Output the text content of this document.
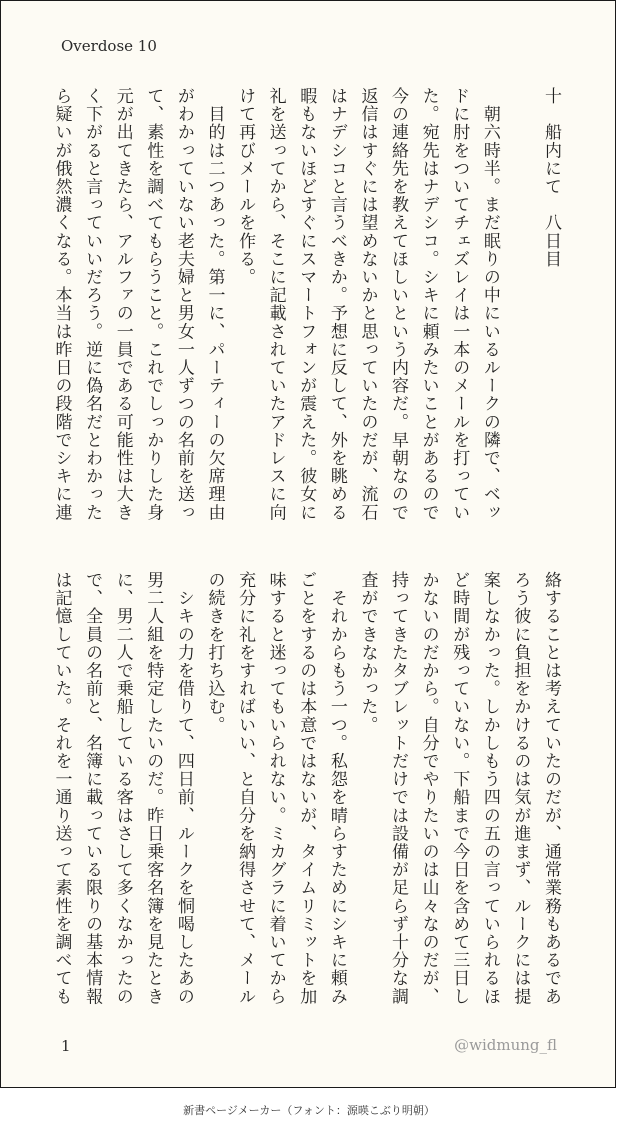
Overdose 10
十　船内にて　八日目

　朝六時半。まだ眠りの中にいるルークの隣で、ベッ
ドに肘をついてチェズレイは一本のメールを打ってい
た。宛先はナデシコ。シキに頼みたいことがあるので
今の連絡先を教えてほしいという内容だ。早朝なので
返信はすぐには望めないかと思っていたのだが、流石
はナデシコと言うべきか。予想に反して、外を眺める
暇もないほどすぐにスマートフォンが震えた。彼女に
礼を送ってから、そこに記載されていたアドレスに向
けて再びメールを作る。
　目的は二つあった。第一に、パーティーの欠席理由
がわかっていない老夫婦と男女一人ずつの名前を送っ
て、素性を調べてもらうこと。これでしっかりした身
元が出てきたら、アルファの一員である可能性は大き
く下がると言っていいだろう。逆に偽名だとわかった
ら疑いが俄然濃くなる。本当は昨日の段階でシキに連
絡することは考えていたのだが、通常業務もあるであ
ろう彼に負担をかけるのは気が進まず、ルークには提
案しなかった。しかしもう四の五の言っていられるほ
ど時間が残っていない。下船まで今日を含めて三日し
かないのだから。自分でやりたいのは山々なのだが、
持ってきたタブレットだけでは設備が足らず十分な調
査ができなかった。
　それからもう一つ。私怨を晴らすためにシキに頼み
ごとをするのは本意ではないが、タイムリミットを加
味すると迷ってもいられない。ミカグラに着いてから
充分に礼をすればいい、と自分を納得させて、メール
の続きを打ち込む。
　シキの力を借りて、四日前、ルークを恫喝したあの
男二人組を特定したいのだ。昨日乗客名簿を見たとき
に、男二人で乗船している客はさして多くなかったの
で、全員の名前と、名簿に載っている限りの基本情報
は記憶していた。それを一通り送って素性を調べても
1	@widmung_fl
新書ページメーカー（フォント：源暎こぶり明朝）
